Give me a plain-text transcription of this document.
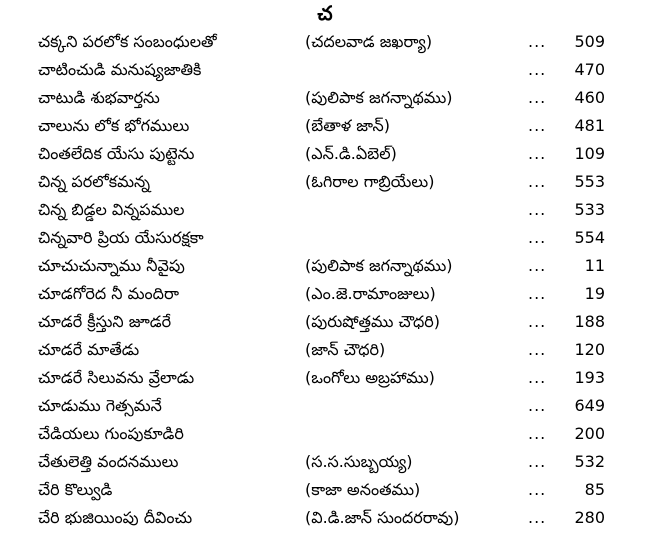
చ
చక్కని పరలోక సంబంధులతో	(చదలవాడ జఖర్యా)	...	509
చాటించుడి మనుష్యజాతికి	...	470
చాటుడి శుభవార్తను	(పులిపాక జగన్నాథము)	...	460
చాలును లోక భోగములు	(బేతాళ జాన్)	...	481
చింతలేదిక యేసు పుట్టెను	(ఎన్.డి.ఏబెల్)	...	109
చిన్న పరలోకమన్న	(ఓగిరాల గాబ్రియేలు)	...	553
చిన్న బిడ్డల విన్నపముల	...	533
చిన్నవారి ప్రియ యేసురక్షకా	...	554
చూచుచున్నాము నీవైపు	(పులిపాక జగన్నాథము)	...	11
చూడగోరెద నీ మందిరా	(ఎం.జె.రామాంజులు)	...	19
చూడరే క్రీస్తుని జూడరే	(పురుషోత్తము చౌధరి)	...	188
చూడరే మాతేడు	(జాన్ చౌధరి)	...	120
చూడరే సిలువను వ్రేలాడు	(ఒంగోలు అబ్రహాము)	...	193
చూడుము గెత్సమనే	...	649
చేడియలు గుంపుకూడిరి	...	200
చేతులెత్తి వందనములు	(స.స.సుబ్బయ్య)	...	532
చేరి కొల్వుడి	(కాజా అనంతము)	...	85
చేరి భుజియింపు దీవించు	(వి.డి.జాన్ సుందరరావు)	...	280
